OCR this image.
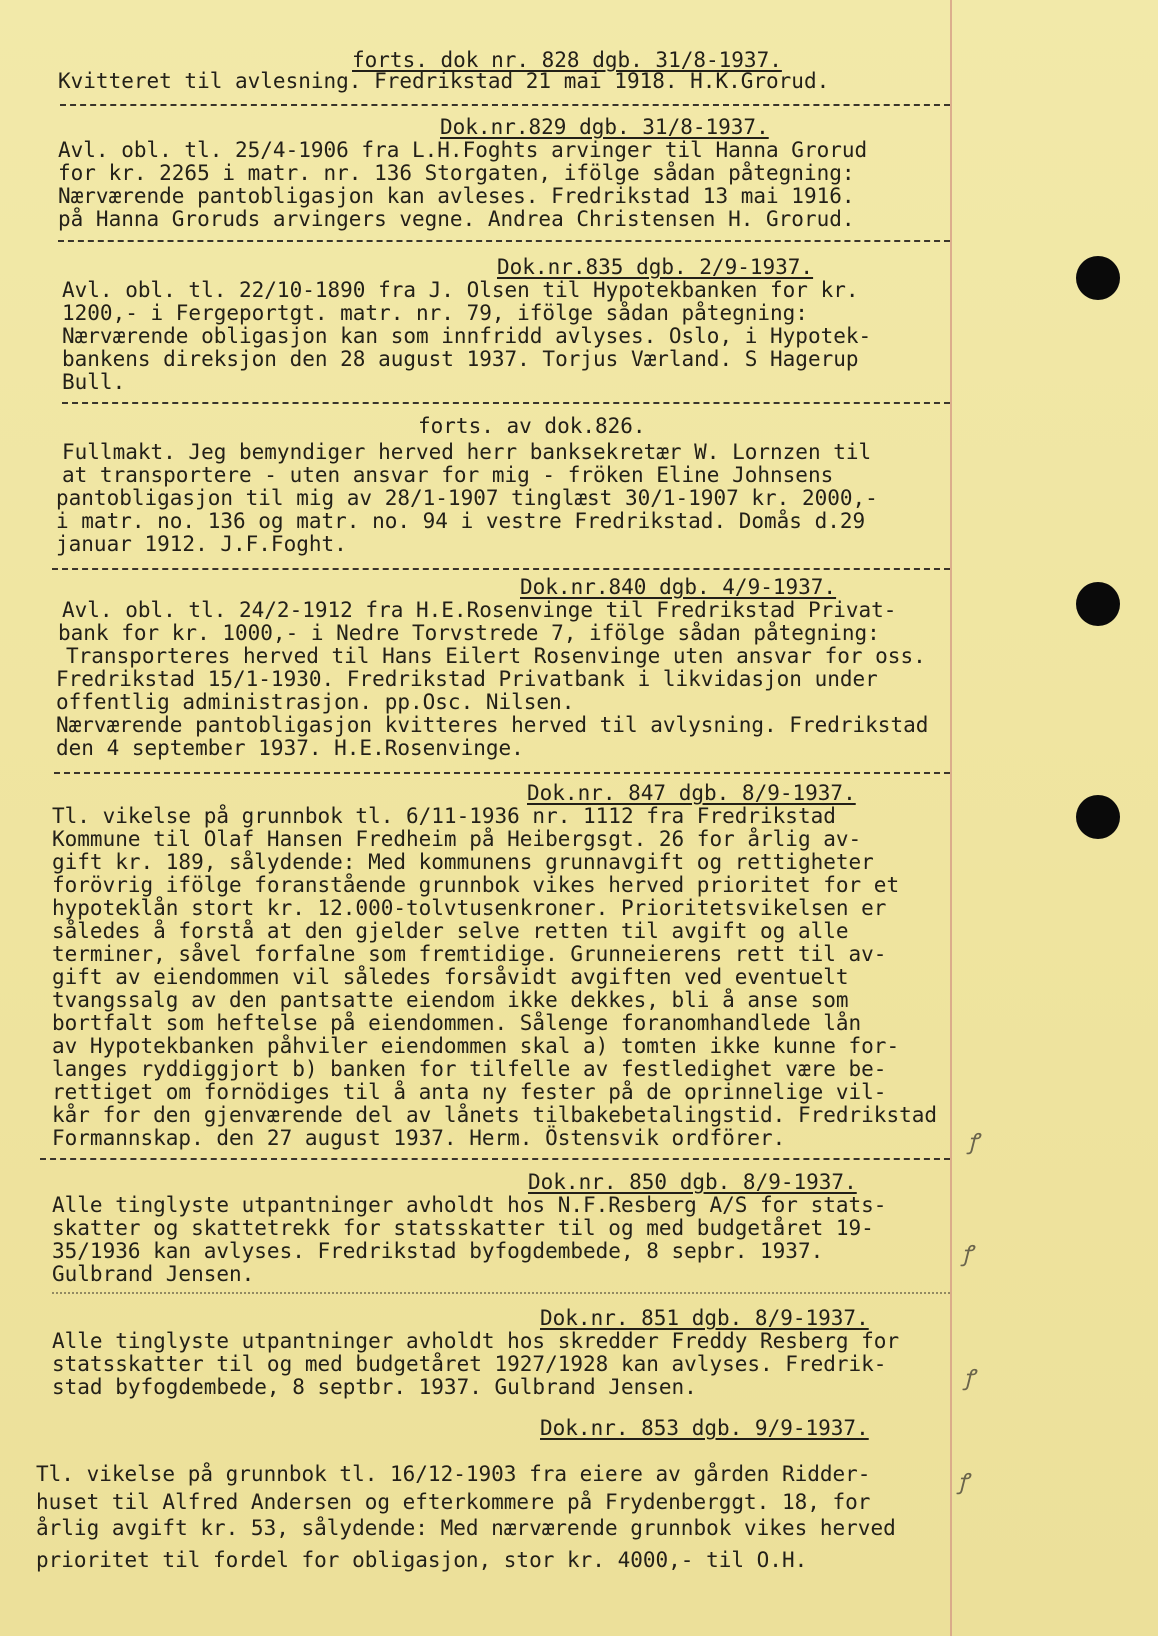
forts. dok nr. 828 dgb. 31/8-1937.
Kvitteret til avlesning. Fredrikstad 21 mai 1918. H.K.Grorud.
Dok.nr.829 dgb. 31/8-1937.
Avl. obl. tl. 25/4-1906 fra L.H.Foghts arvinger til Hanna Grorud
for kr. 2265 i matr. nr. 136 Storgaten, ifölge sådan påtegning:
Nærværende pantobligasjon kan avleses. Fredrikstad 13 mai 1916.
på Hanna Groruds arvingers vegne. Andrea Christensen H. Grorud.
Dok.nr.835 dgb. 2/9-1937.
Avl. obl. tl. 22/10-1890 fra J. Olsen til Hypotekbanken for kr.
1200,- i Fergeportgt. matr. nr. 79, ifölge sådan påtegning:
Nærværende obligasjon kan som innfridd avlyses. Oslo, i Hypotek-
bankens direksjon den 28 august 1937. Torjus Værland. S Hagerup
Bull.
forts. av dok.826.
Fullmakt. Jeg bemyndiger herved herr banksekretær W. Lornzen til
at transportere - uten ansvar for mig - fröken Eline Johnsens
pantobligasjon til mig av 28/1-1907 tinglæst 30/1-1907 kr. 2000,-
i matr. no. 136 og matr. no. 94 i vestre Fredrikstad. Domås d.29
januar 1912. J.F.Foght.
Dok.nr.840 dgb. 4/9-1937.
Avl. obl. tl. 24/2-1912 fra H.E.Rosenvinge til Fredrikstad Privat-
bank for kr. 1000,- i Nedre Torvstrede 7, ifölge sådan påtegning:
Transporteres herved til Hans Eilert Rosenvinge uten ansvar for oss.
Fredrikstad 15/1-1930. Fredrikstad Privatbank i likvidasjon under
offentlig administrasjon. pp.Osc. Nilsen.
Nærværende pantobligasjon kvitteres herved til avlysning. Fredrikstad
den 4 september 1937. H.E.Rosenvinge.
Dok.nr. 847 dgb. 8/9-1937.
Tl. vikelse på grunnbok tl. 6/11-1936 nr. 1112 fra Fredrikstad
Kommune til Olaf Hansen Fredheim på Heibergsgt. 26 for årlig av-
gift kr. 189, sålydende: Med kommunens grunnavgift og rettigheter
forövrig ifölge foranstående grunnbok vikes herved prioritet for et
hypoteklån stort kr. 12.000-tolvtusenkroner. Prioritetsvikelsen er
således å forstå at den gjelder selve retten til avgift og alle
terminer, såvel forfalne som fremtidige. Grunneierens rett til av-
gift av eiendommen vil således forsåvidt avgiften ved eventuelt
tvangssalg av den pantsatte eiendom ikke dekkes, bli å anse som
bortfalt som heftelse på eiendommen. Sålenge foranomhandlede lån
av Hypotekbanken påhviler eiendommen skal a) tomten ikke kunne for-
langes ryddiggjort b) banken for tilfelle av festledighet være be-
rettiget om fornödiges til å anta ny fester på de oprinnelige vil-
kår for den gjenværende del av lånets tilbakebetalingstid. Fredrikstad
Formannskap. den 27 august 1937. Herm. Östensvik ordförer.	ꝭ
Dok.nr. 850 dgb. 8/9-1937.
Alle tinglyste utpantninger avholdt hos N.F.Resberg A/S for stats-
skatter og skattetrekk for statsskatter til og med budgetåret 19-
35/1936 kan avlyses. Fredrikstad byfogdembede, 8 sepbr. 1937.
Gulbrand Jensen.
ꝭ
Dok.nr. 851 dgb. 8/9-1937.
Alle tinglyste utpantninger avholdt hos skredder Freddy Resberg for
statsskatter til og med budgetåret 1927/1928 kan avlyses. Fredrik-
stad byfogdembede, 8 septbr. 1937. Gulbrand Jensen.	ꝭ
Dok.nr. 853 dgb. 9/9-1937.
Tl. vikelse på grunnbok tl. 16/12-1903 fra eiere av gården Ridder-
huset til Alfred Andersen og efterkommere på Frydenberggt. 18, for
årlig avgift kr. 53, sålydende: Med nærværende grunnbok vikes herved
prioritet til fordel for obligasjon, stor kr. 4000,- til O.H.
ꝭ
